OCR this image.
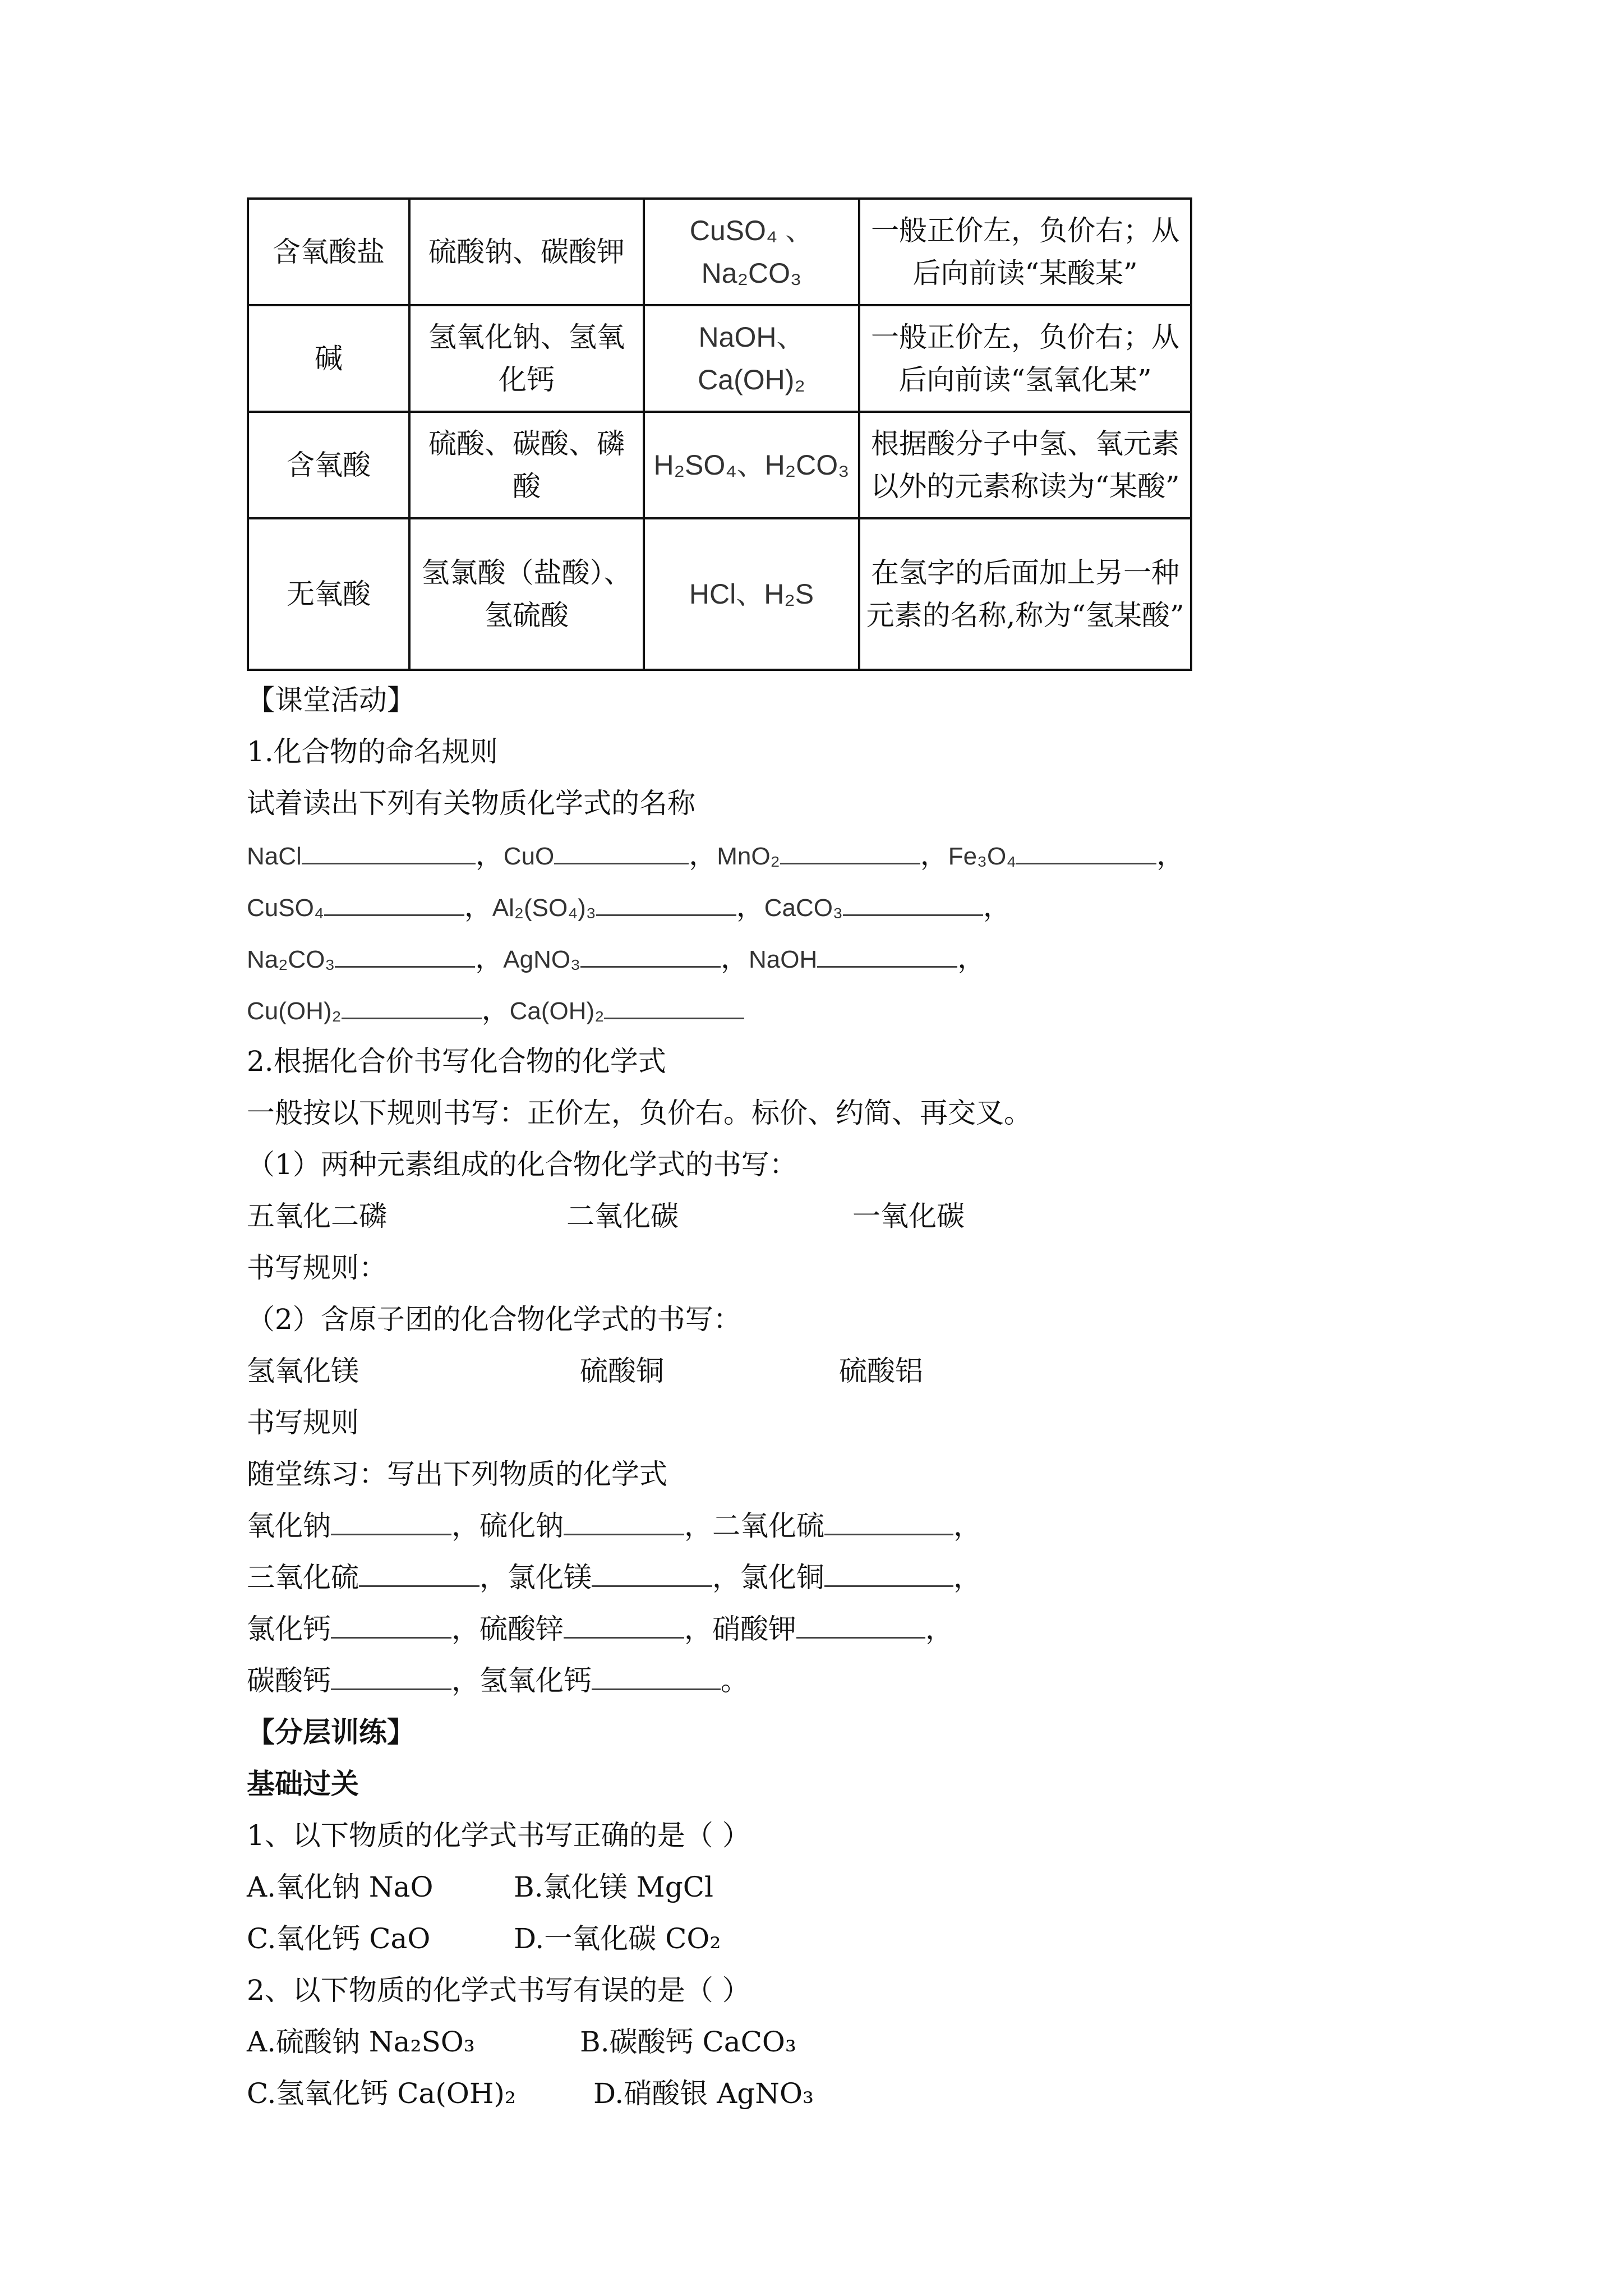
含氧酸盐	硫酸钠、碳酸钾	CuSO₄ 、Na₂CO₃	一般正价左，负价右；从后向前读“某酸某”
碱	氢氧化钠、氢氧化钙	NaOH、Ca(OH)₂	一般正价左，负价右；从后向前读“氢氧化某”
含氧酸	硫酸、碳酸、磷酸	H₂SO₄、H₂CO₃	根据酸分子中氢、氧元素以外的元素称读为“某酸”
无氧酸	氢氯酸（盐酸）、氢硫酸	HCl、H₂S	在氢字的后面加上另一种元素的名称,称为“氢某酸”
【课堂活动】
1.化合物的命名规则
试着读出下列有关物质化学式的名称
NaCl	，CuO	，MnO₂	，Fe₃O₄	，
CuSO₄	，Al₂(SO₄)₃	，CaCO₃	，
Na₂CO₃	，AgNO₃	，NaOH	，
Cu(OH)₂	，Ca(OH)₂
2.根据化合价书写化合物的化学式
一般按以下规则书写：正价左，负价右。标价、约简、再交叉。
（1）两种元素组成的化合物化学式的书写：
五氧化二磷	二氧化碳	一氧化碳
书写规则：
（2）含原子团的化合物化学式的书写：
氢氧化镁	硫酸铜	硫酸铝
书写规则
随堂练习：写出下列物质的化学式
氧化钠	，硫化钠	，二氧化硫	，
三氧化硫	，氯化镁	，氯化铜	，
氯化钙	，硫酸锌	，硝酸钾	，
碳酸钙	，氢氧化钙	。
【分层训练】
基础过关
1、以下物质的化学式书写正确的是（ ）
A.氧化钠 NaO	B.氯化镁 MgCl
C.氧化钙 CaO	D.一氧化碳 CO₂
2、以下物质的化学式书写有误的是（ ）
A.硫酸钠 Na₂SO₃	B.碳酸钙 CaCO₃
C.氢氧化钙 Ca(OH)₂	D.硝酸银 AgNO₃
